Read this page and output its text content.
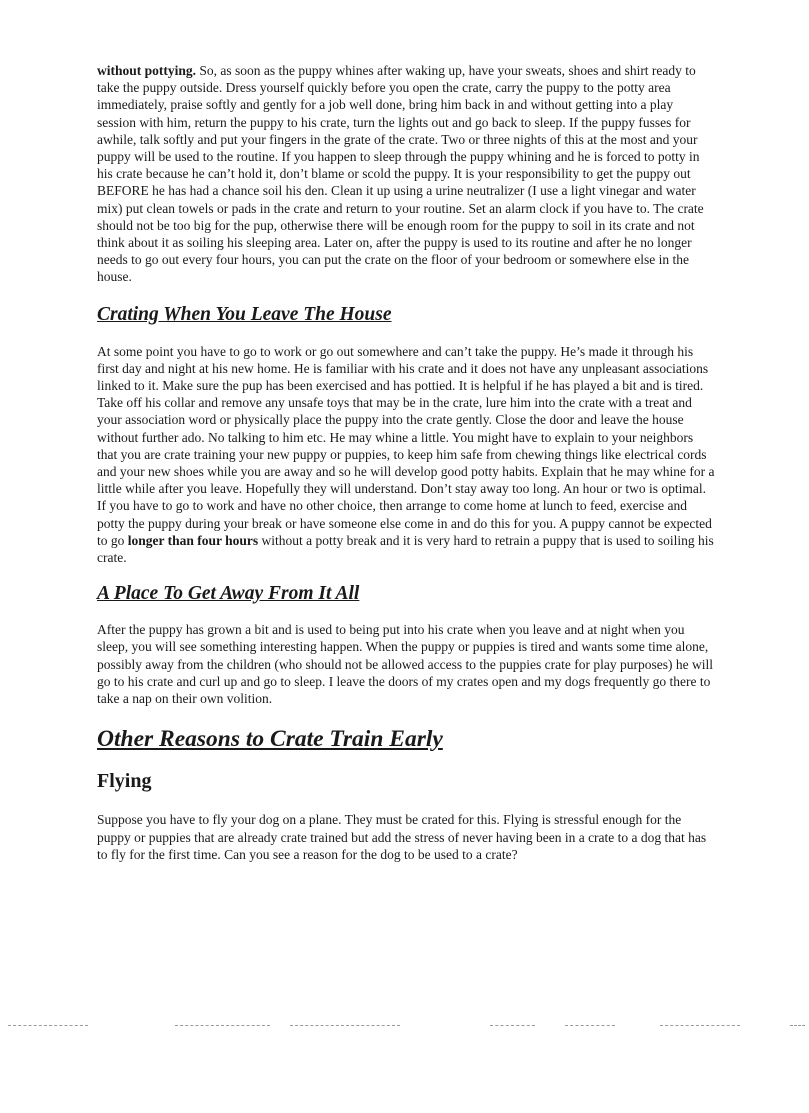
without pottying. So, as soon as the puppy whines after waking up, have your sweats, shoes and shirt ready to take the puppy outside. Dress yourself quickly before you open the crate, carry the puppy to the potty area immediately, praise softly and gently for a job well done, bring him back in and without getting into a play session with him, return the puppy to his crate, turn the lights out and go back to sleep. If the puppy fusses for awhile, talk softly and put your fingers in the grate of the crate. Two or three nights of this at the most and your puppy will be used to the routine. If you happen to sleep through the puppy whining and he is forced to potty in his crate because he can’t hold it, don’t blame or scold the puppy. It is your responsibility to get the puppy out BEFORE he has had a chance soil his den. Clean it up using a urine neutralizer (I use a light vinegar and water mix) put clean towels or pads in the crate and return to your routine. Set an alarm clock if you have to. The crate should not be too big for the pup, otherwise there will be enough room for the puppy to soil in its crate and not think about it as soiling his sleeping area. Later on, after the puppy is used to its routine and after he no longer needs to go out every four hours, you can put the crate on the floor of your bedroom or somewhere else in the house.

Crating When You Leave The House

At some point you have to go to work or go out somewhere and can’t take the puppy. He’s made it through his first day and night at his new home. He is familiar with his crate and it does not have any unpleasant associations linked to it. Make sure the pup has been exercised and has pottied. It is helpful if he has played a bit and is tired. Take off his collar and remove any unsafe toys that may be in the crate, lure him into the crate with a treat and your association word or physically place the puppy into the crate gently. Close the door and leave the house without further ado. No talking to him etc. He may whine a little. You might have to explain to your neighbors that you are crate training your new puppy or puppies, to keep him safe from chewing things like electrical cords and your new shoes while you are away and so he will develop good potty habits. Explain that he may whine for a little while after you leave. Hopefully they will understand. Don’t stay away too long. An hour or two is optimal. If you have to go to work and have no other choice, then arrange to come home at lunch to feed, exercise and potty the puppy during your break or have someone else come in and do this for you. A puppy cannot be expected to go longer than four hours without a potty break and it is very hard to retrain a puppy that is used to soiling his crate.

A Place To Get Away From It All

After the puppy has grown a bit and is used to being put into his crate when you leave and at night when you sleep, you will see something interesting happen. When the puppy or puppies is tired and wants some time alone, possibly away from the children (who should not be allowed access to the puppies crate for play purposes) he will go to his crate and curl up and go to sleep. I leave the doors of my crates open and my dogs frequently go there to take a nap on their own volition.

Other Reasons to Crate Train Early
Flying

Suppose you have to fly your dog on a plane. They must be crated for this. Flying is stressful enough for the puppy or puppies that are already crate trained but add the stress of never having been in a crate to a dog that has to fly for the first time. Can you see a reason for the dog to be used to a crate?
